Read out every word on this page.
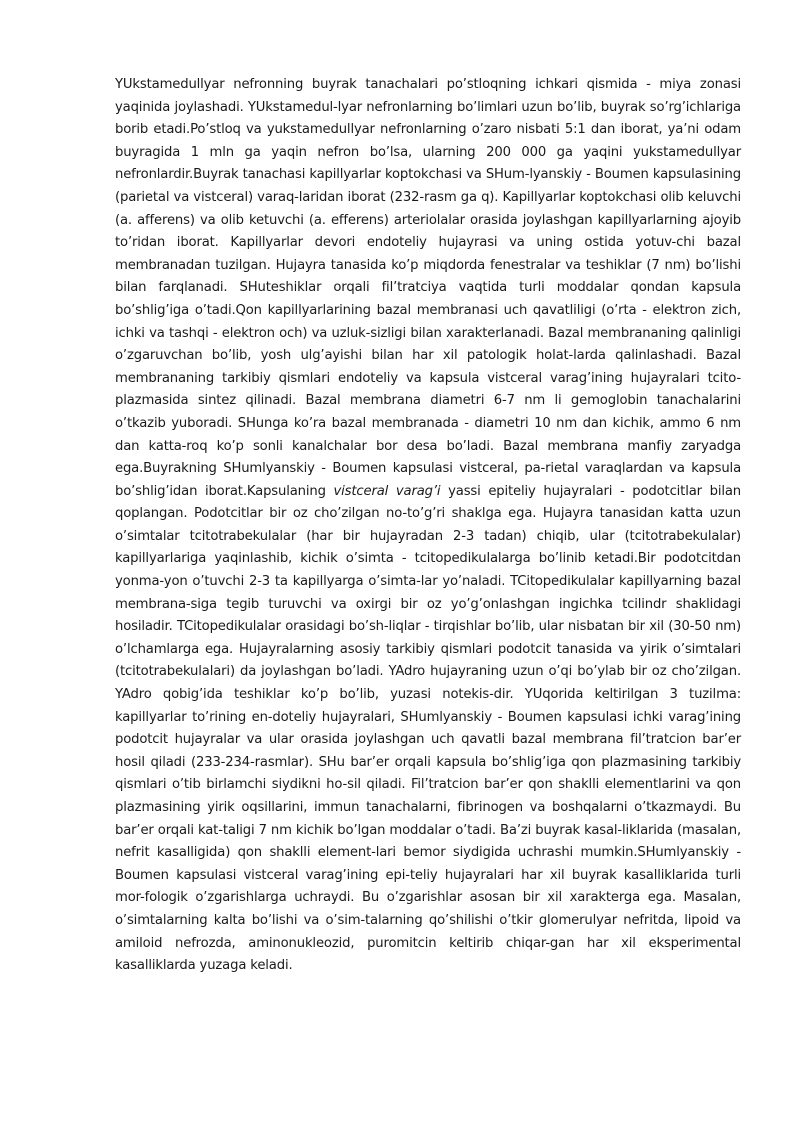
YUkstamedullyar nefronning buyrak tanachalari po’stloqning ichkari qismida - miya zonasi yaqinida joylashadi. YUkstamedul-lyar nefronlarning bo’limlari uzun bo’lib, buyrak so’rg’ichlariga borib etadi.Po’stloq va yukstamedullyar nefronlarning o’zaro nisbati 5:1 dan iborat, ya’ni odam buyragida 1 mln ga yaqin nefron bo’lsa, ularning 200 000 ga yaqini yukstamedullyar nefronlardir.Buyrak tanachasi kapillyarlar koptokchasi va SHum-lyanskiy - Boumen kapsulasining (parietal va vistceral) varaq-laridan iborat (232-rasm ga q). Kapillyarlar koptokchasi olib keluvchi (a. afferens) va olib ketuvchi (a. efferens) arteriolalar orasida joylashgan kapillyarlarning ajoyib to’ridan iborat. Kapillyarlar devori endoteliy hujayrasi va uning ostida yotuv-chi bazal membranadan tuzilgan. Hujayra tanasida ko’p miqdorda fenestralar va teshiklar (7 nm) bo’lishi bilan farqlanadi. SHuteshiklar orqali fil’tratciya vaqtida turli moddalar qondan kapsula bo’shlig’iga o’tadi.Qon kapillyarlarining bazal membranasi uch qavatliligi (o’rta - elektron zich, ichki va tashqi - elektron och) va uzluk-sizligi bilan xarakterlanadi. Bazal membrananing qalinligi o’zgaruvchan bo’lib, yosh ulg’ayishi bilan har xil patologik holat-larda qalinlashadi. Bazal membrananing tarkibiy qismlari endoteliy va kapsula vistceral varag’ining hujayralari tcito-plazmasida sintez qilinadi. Bazal membrana diametri 6-7 nm li gemoglobin tanachalarini o’tkazib yuboradi. SHunga ko’ra bazal membranada - diametri 10 nm dan kichik, ammo 6 nm dan katta-roq ko’p sonli kanalchalar bor desa bo’ladi. Bazal membrana manfiy zaryadga ega.Buyrakning SHumlyanskiy - Boumen kapsulasi vistceral, pa-rietal varaqlardan va kapsula bo’shlig’idan iborat.Kapsulaning vistceral varag’i yassi epiteliy hujayralari - podotcitlar bilan qoplangan. Podotcitlar bir oz cho’zilgan no-to’g’ri shaklga ega. Hujayra tanasidan katta uzun o’simtalar tcitotrabekulalar (har bir hujayradan 2-3 tadan) chiqib, ular (tcitotrabekulalar) kapillyarlariga yaqinlashib, kichik o’simta - tcitopedikulalarga bo’linib ketadi.Bir podotcitdan yonma-yon o’tuvchi 2-3 ta kapillyarga o’simta-lar yo’naladi. TCitopedikulalar kapillyarning bazal membrana-siga tegib turuvchi va oxirgi bir oz yo’g’onlashgan ingichka tcilindr shaklidagi hosiladir. TCitopedikulalar orasidagi bo’sh-liqlar - tirqishlar bo’lib, ular nisbatan bir xil (30-50 nm) o’lchamlarga ega. Hujayralarning asosiy tarkibiy qismlari podotcit tanasida va yirik o’simtalari (tcitotrabekulalari) da joylashgan bo’ladi. YAdro hujayraning uzun o’qi bo’ylab bir oz cho’zilgan. YAdro qobig’ida teshiklar ko’p bo’lib, yuzasi notekis-dir. YUqorida keltirilgan 3 tuzilma: kapillyarlar to’rining en-doteliy hujayralari, SHumlyanskiy - Boumen kapsulasi ichki varag’ining podotcit hujayralar va ular orasida joylashgan uch qavatli bazal membrana fil’tratcion bar’er hosil qiladi (233-234-rasmlar). SHu bar’er orqali kapsula bo’shlig’iga qon plazmasining tarkibiy qismlari o’tib birlamchi siydikni ho-sil qiladi. Fil’tratcion bar’er qon shaklli elementlarini va qon plazmasining yirik oqsillarini, immun tanachalarni, fibrinogen va boshqalarni o’tkazmaydi. Bu bar’er orqali kat-taligi 7 nm kichik bo’lgan moddalar o’tadi. Ba’zi buyrak kasal-liklarida (masalan, nefrit kasalligida) qon shaklli element-lari bemor siydigida uchrashi mumkin.SHumlyanskiy - Boumen kapsulasi vistceral varag’ining epi-teliy hujayralari har xil buyrak kasalliklarida turli mor-fologik o’zgarishlarga uchraydi. Bu o’zgarishlar asosan bir xil xarakterga ega. Masalan, o’simtalarning kalta bo’lishi va o’sim-talarning qo’shilishi o’tkir glomerulyar nefritda, lipoid va amiloid nefrozda, aminonukleozid, puromitcin keltirib chiqar-gan har xil eksperimental kasalliklarda yuzaga keladi.
